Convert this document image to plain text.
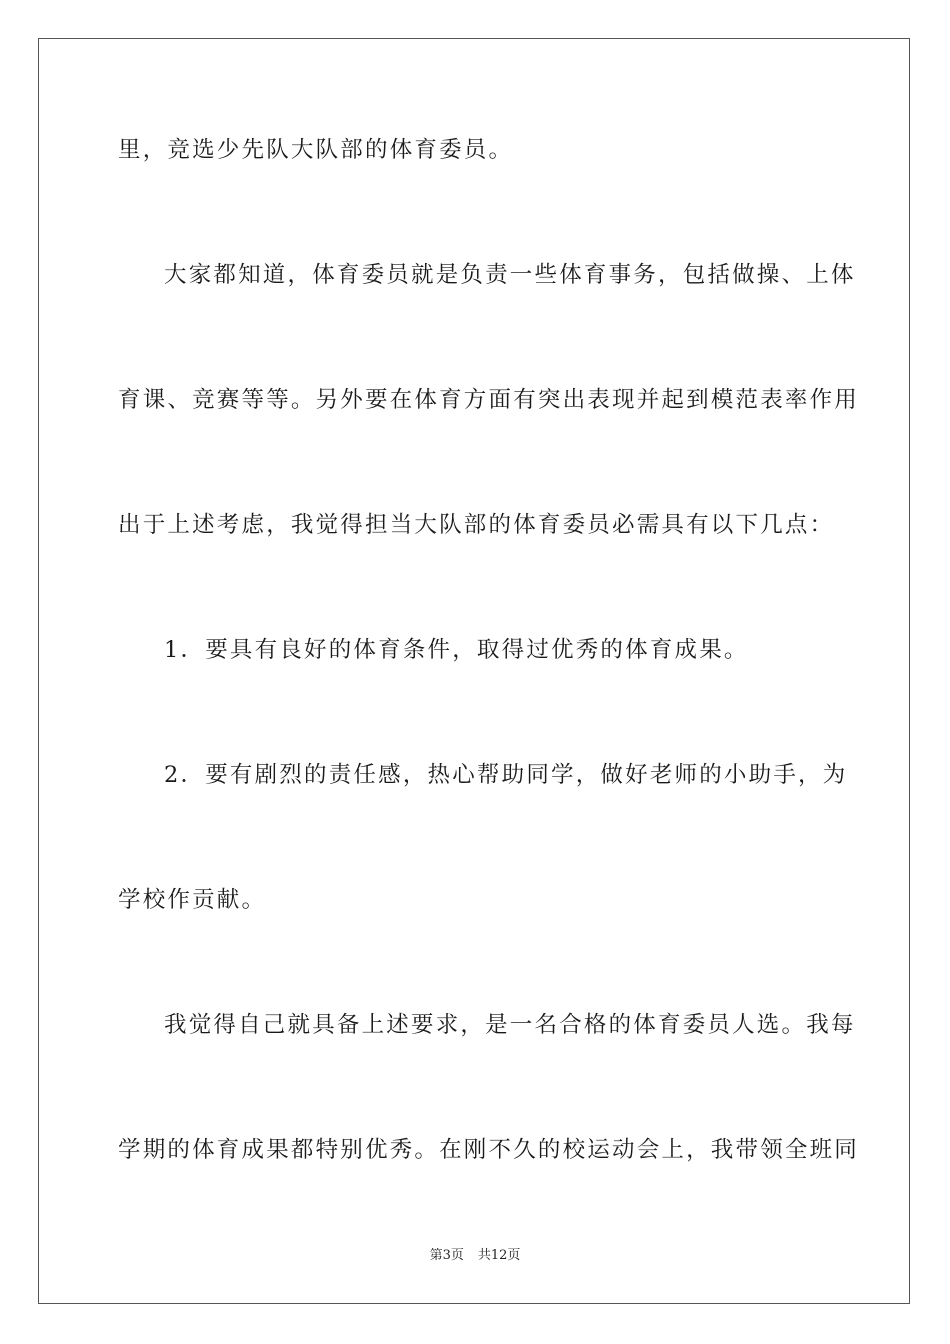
里，竞选少先队大队部的体育委员。
大家都知道，体育委员就是负责一些体育事务，包括做操、上体
育课、竞赛等等。另外要在体育方面有突出表现并起到模范表率作用
出于上述考虑，我觉得担当大队部的体育委员必需具有以下几点：
1．要具有良好的体育条件，取得过优秀的体育成果。
2．要有剧烈的责任感，热心帮助同学，做好老师的小助手，为
学校作贡献。
我觉得自己就具备上述要求，是一名合格的体育委员人选。我每
学期的体育成果都特别优秀。在刚不久的校运动会上，我带领全班同
第3页 共12页
